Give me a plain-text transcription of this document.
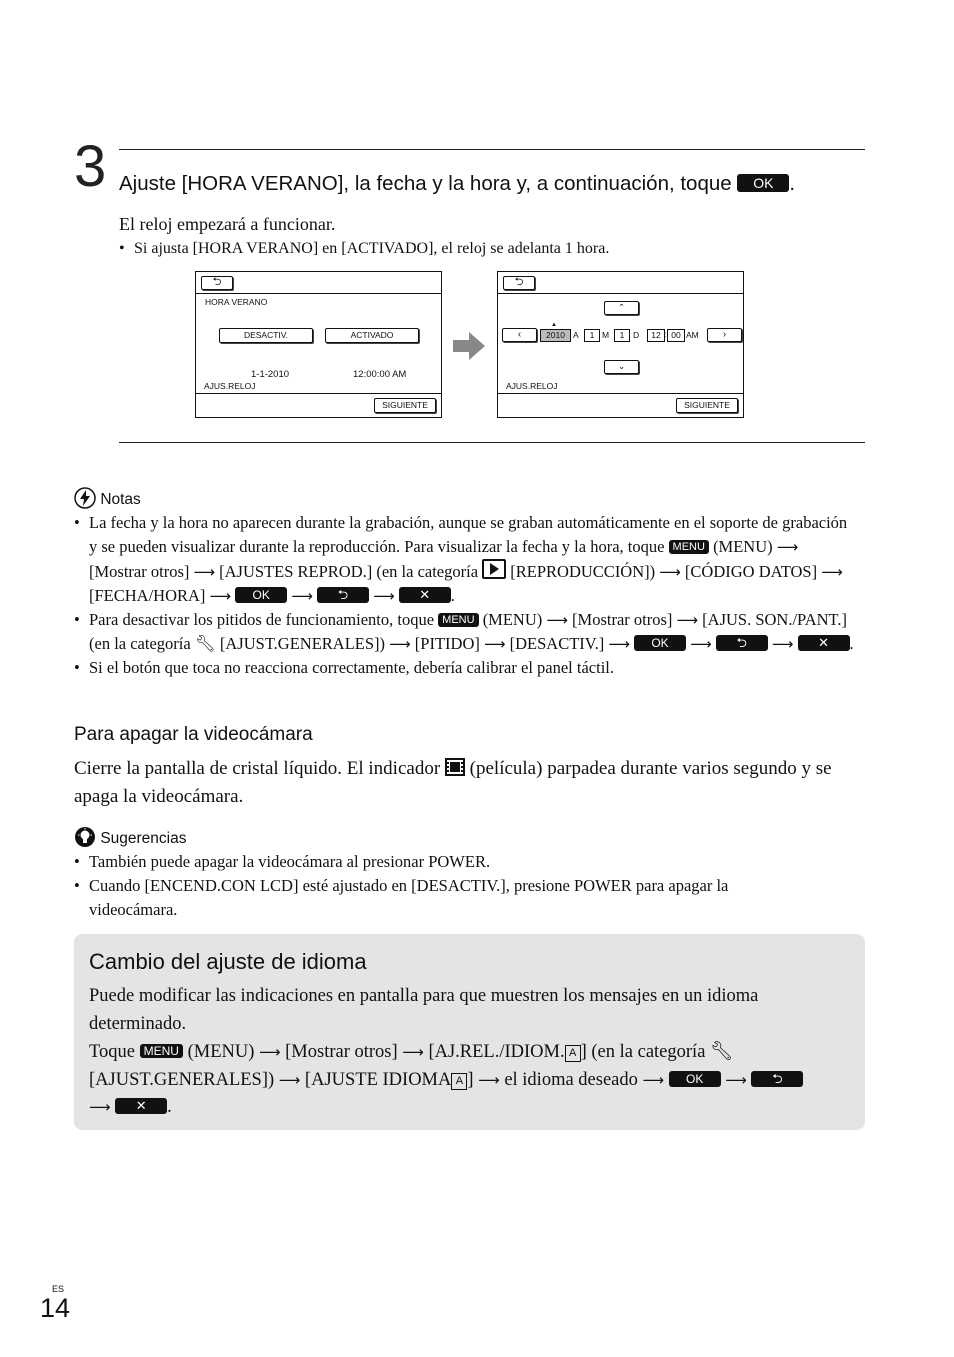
3 Ajuste [HORA VERANO], la fecha y la hora y, a continuación, toque OK .
El reloj empezará a funcionar.
• Si ajusta [HORA VERANO] en [ACTIVADO], el reloj se adelanta 1 hora.
⮌
HORA VERANO
DESACTIV.	ACTIVADO
1-1-2010	12:00:00 AM
AJUS.RELOJ
SIGUIENTE
⮌
⌃
‹
▲
2010 A	1 M	1	D	12 : 00 AM	›
⌄
AJUS.RELOJ
SIGUIENTE
Notas
• La fecha y la hora no aparecen durante la grabación, aunque se graban automáticamente en el soporte de grabación y se pueden visualizar durante la reproducción. Para visualizar la fecha y la hora, toque MENU (MENU) ⟶ [Mostrar otros] ⟶ [AJUSTES REPROD.] (en la categoría [REPRODUCCIÓN]) ⟶ [CÓDIGO DATOS] ⟶ [FECHA/HORA] ⟶ OK ⟶ ⮌ ⟶ ✕ .
• Para desactivar los pitidos de funcionamiento, toque MENU (MENU) ⟶ [Mostrar otros] ⟶ [AJUS. SON./PANT.] (en la categoría 🔧︎ [AJUST.GENERALES]) ⟶ [PITIDO] ⟶ [DESACTIV.] ⟶ OK ⟶ ⮌ ⟶ ✕ .
• Si el botón que toca no reacciona correctamente, debería calibrar el panel táctil.
Para apagar la videocámara
Cierre la pantalla de cristal líquido. El indicador (película) parpadea durante varios segundo y se apaga la videocámara.
Sugerencias
• También puede apagar la videocámara al presionar POWER.
• Cuando [ENCEND.CON LCD] esté ajustado en [DESACTIV.], presione POWER para apagar la videocámara.
Cambio del ajuste de idioma
Puede modificar las indicaciones en pantalla para que muestren los mensajes en un idioma determinado.
Toque MENU (MENU) ⟶ [Mostrar otros] ⟶ [AJ.REL./IDIOM. A ] (en la categoría 🔧︎ [AJUST.GENERALES]) ⟶ [AJUSTE IDIOMA A ] ⟶ el idioma deseado ⟶ OK ⟶ ⮌
⟶ ✕ .
ES
14
